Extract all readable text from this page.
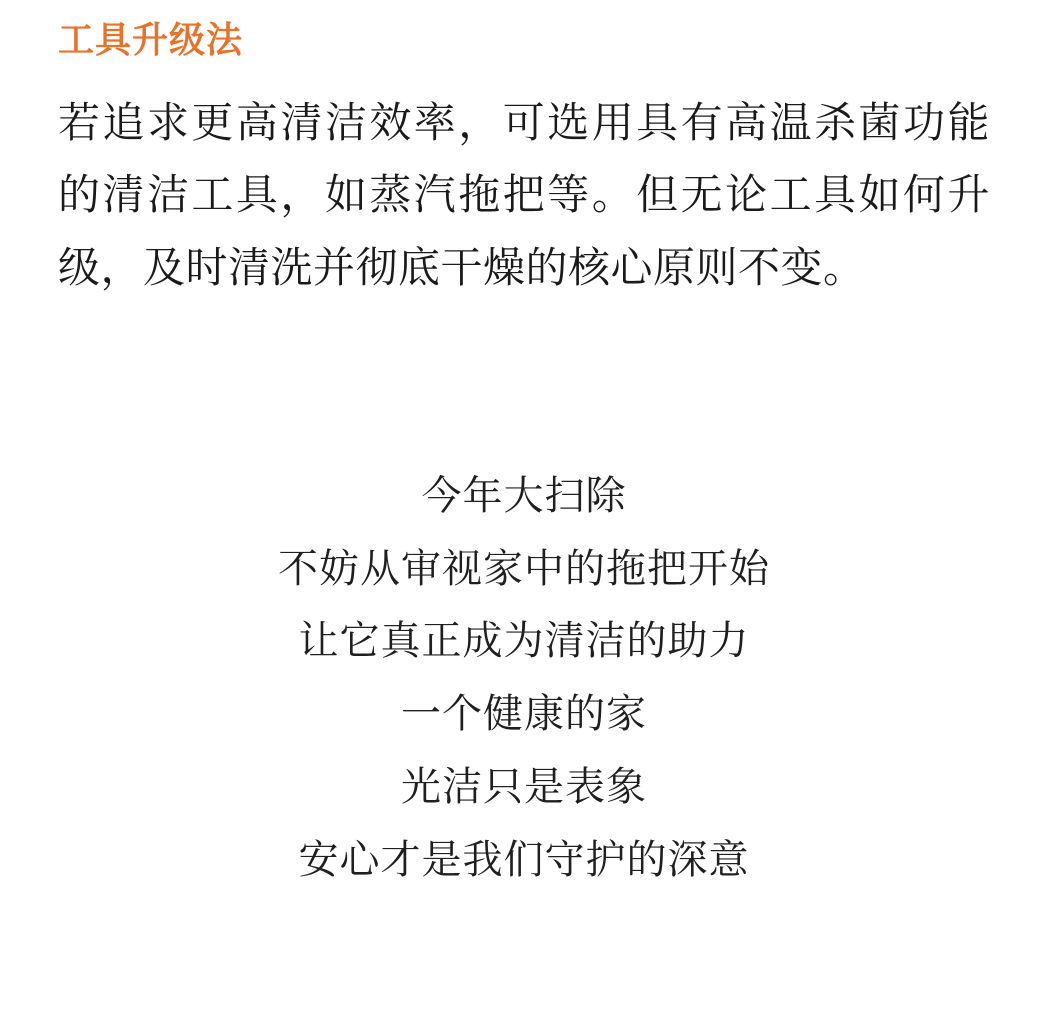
工具升级法

若追求更高清洁效率，可选用具有高温杀菌功能的清洁工具，如蒸汽拖把等。但无论工具如何升级，及时清洗并彻底干燥的核心原则不变。

今年大扫除
不妨从审视家中的拖把开始
让它真正成为清洁的助力
一个健康的家
光洁只是表象
安心才是我们守护的深意
